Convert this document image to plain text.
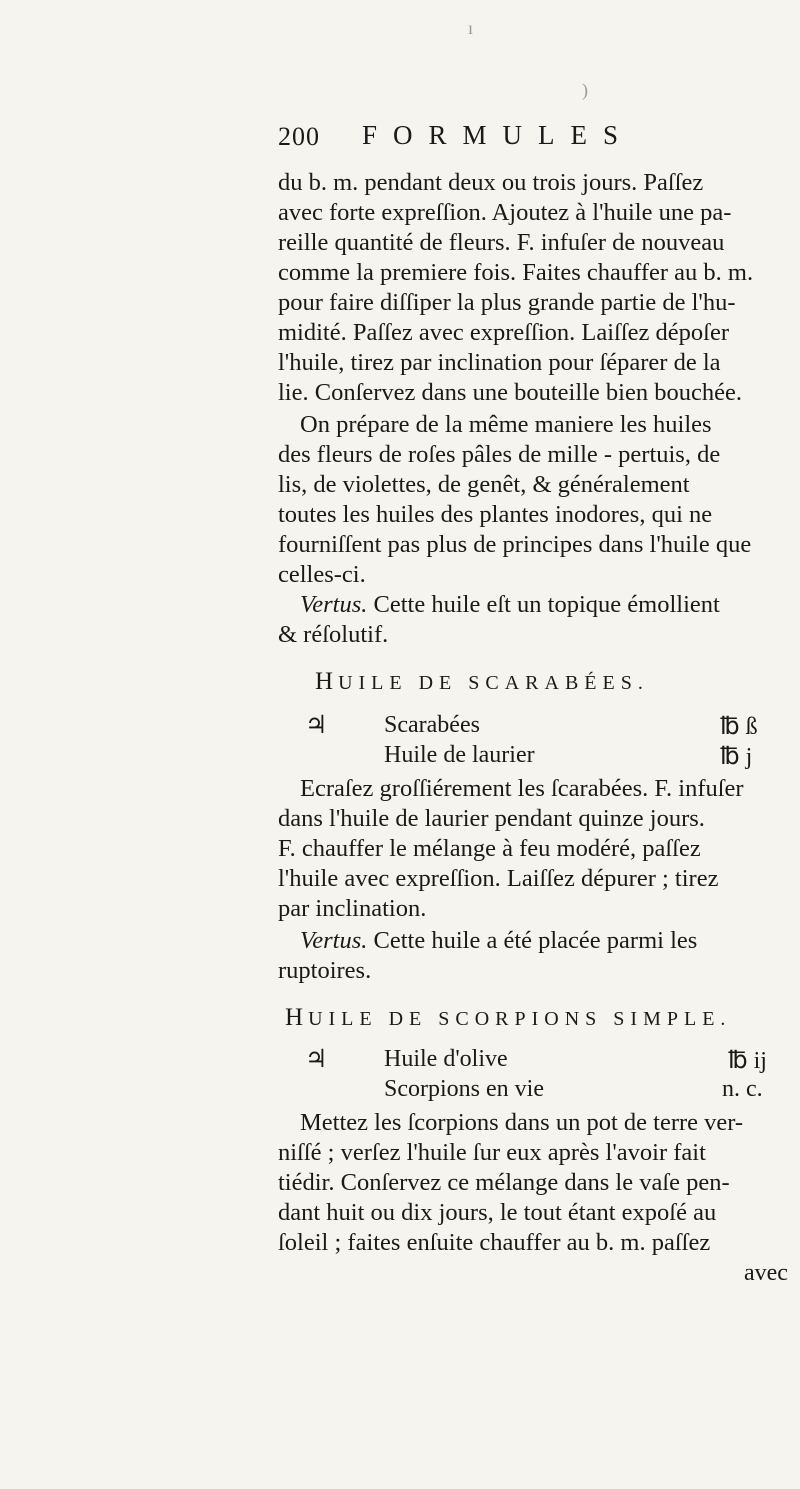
200 FORMULES
du b. m. pendant deux ou trois jours. Paſſez
avec forte expreſſion. Ajoutez à l'huile une pa-
reille quantité de fleurs. F. infuſer de nouveau
comme la premiere fois. Faites chauffer au b. m.
pour faire diſſiper la plus grande partie de l'hu-
midité. Paſſez avec expreſſion. Laiſſez dépoſer
l'huile, tirez par inclination pour ſéparer de la
lie. Conſervez dans une bouteille bien bouchée.
On prépare de la même maniere les huiles
des fleurs de roſes pâles de mille - pertuis, de
lis, de violettes, de genêt, & généralement
toutes les huiles des plantes inodores, qui ne
fourniſſent pas plus de principes dans l'huile que
celles-ci.
Vertus. Cette huile eſt un topique émollient
& réſolutif.
HUILE DE SCARABÉES.
♃ Scarabées	℔ ß
Huile de laurier	℔ j
Ecraſez groſſiérement les ſcarabées. F. infuſer
dans l'huile de laurier pendant quinze jours.
F. chauffer le mélange à feu modéré, paſſez
l'huile avec expreſſion. Laiſſez dépurer ; tirez
par inclination.
Vertus. Cette huile a été placée parmi les
ruptoires.
HUILE DE SCORPIONS SIMPLE.
♃ Huile d'olive	℔ ij
Scorpions en vie	n. c.
Mettez les ſcorpions dans un pot de terre ver-
niſſé ; verſez l'huile ſur eux après l'avoir fait
tiédir. Conſervez ce mélange dans le vaſe pen-
dant huit ou dix jours, le tout étant expoſé au
ſoleil ; faites enſuite chauffer au b. m. paſſez
avec
ı
)
